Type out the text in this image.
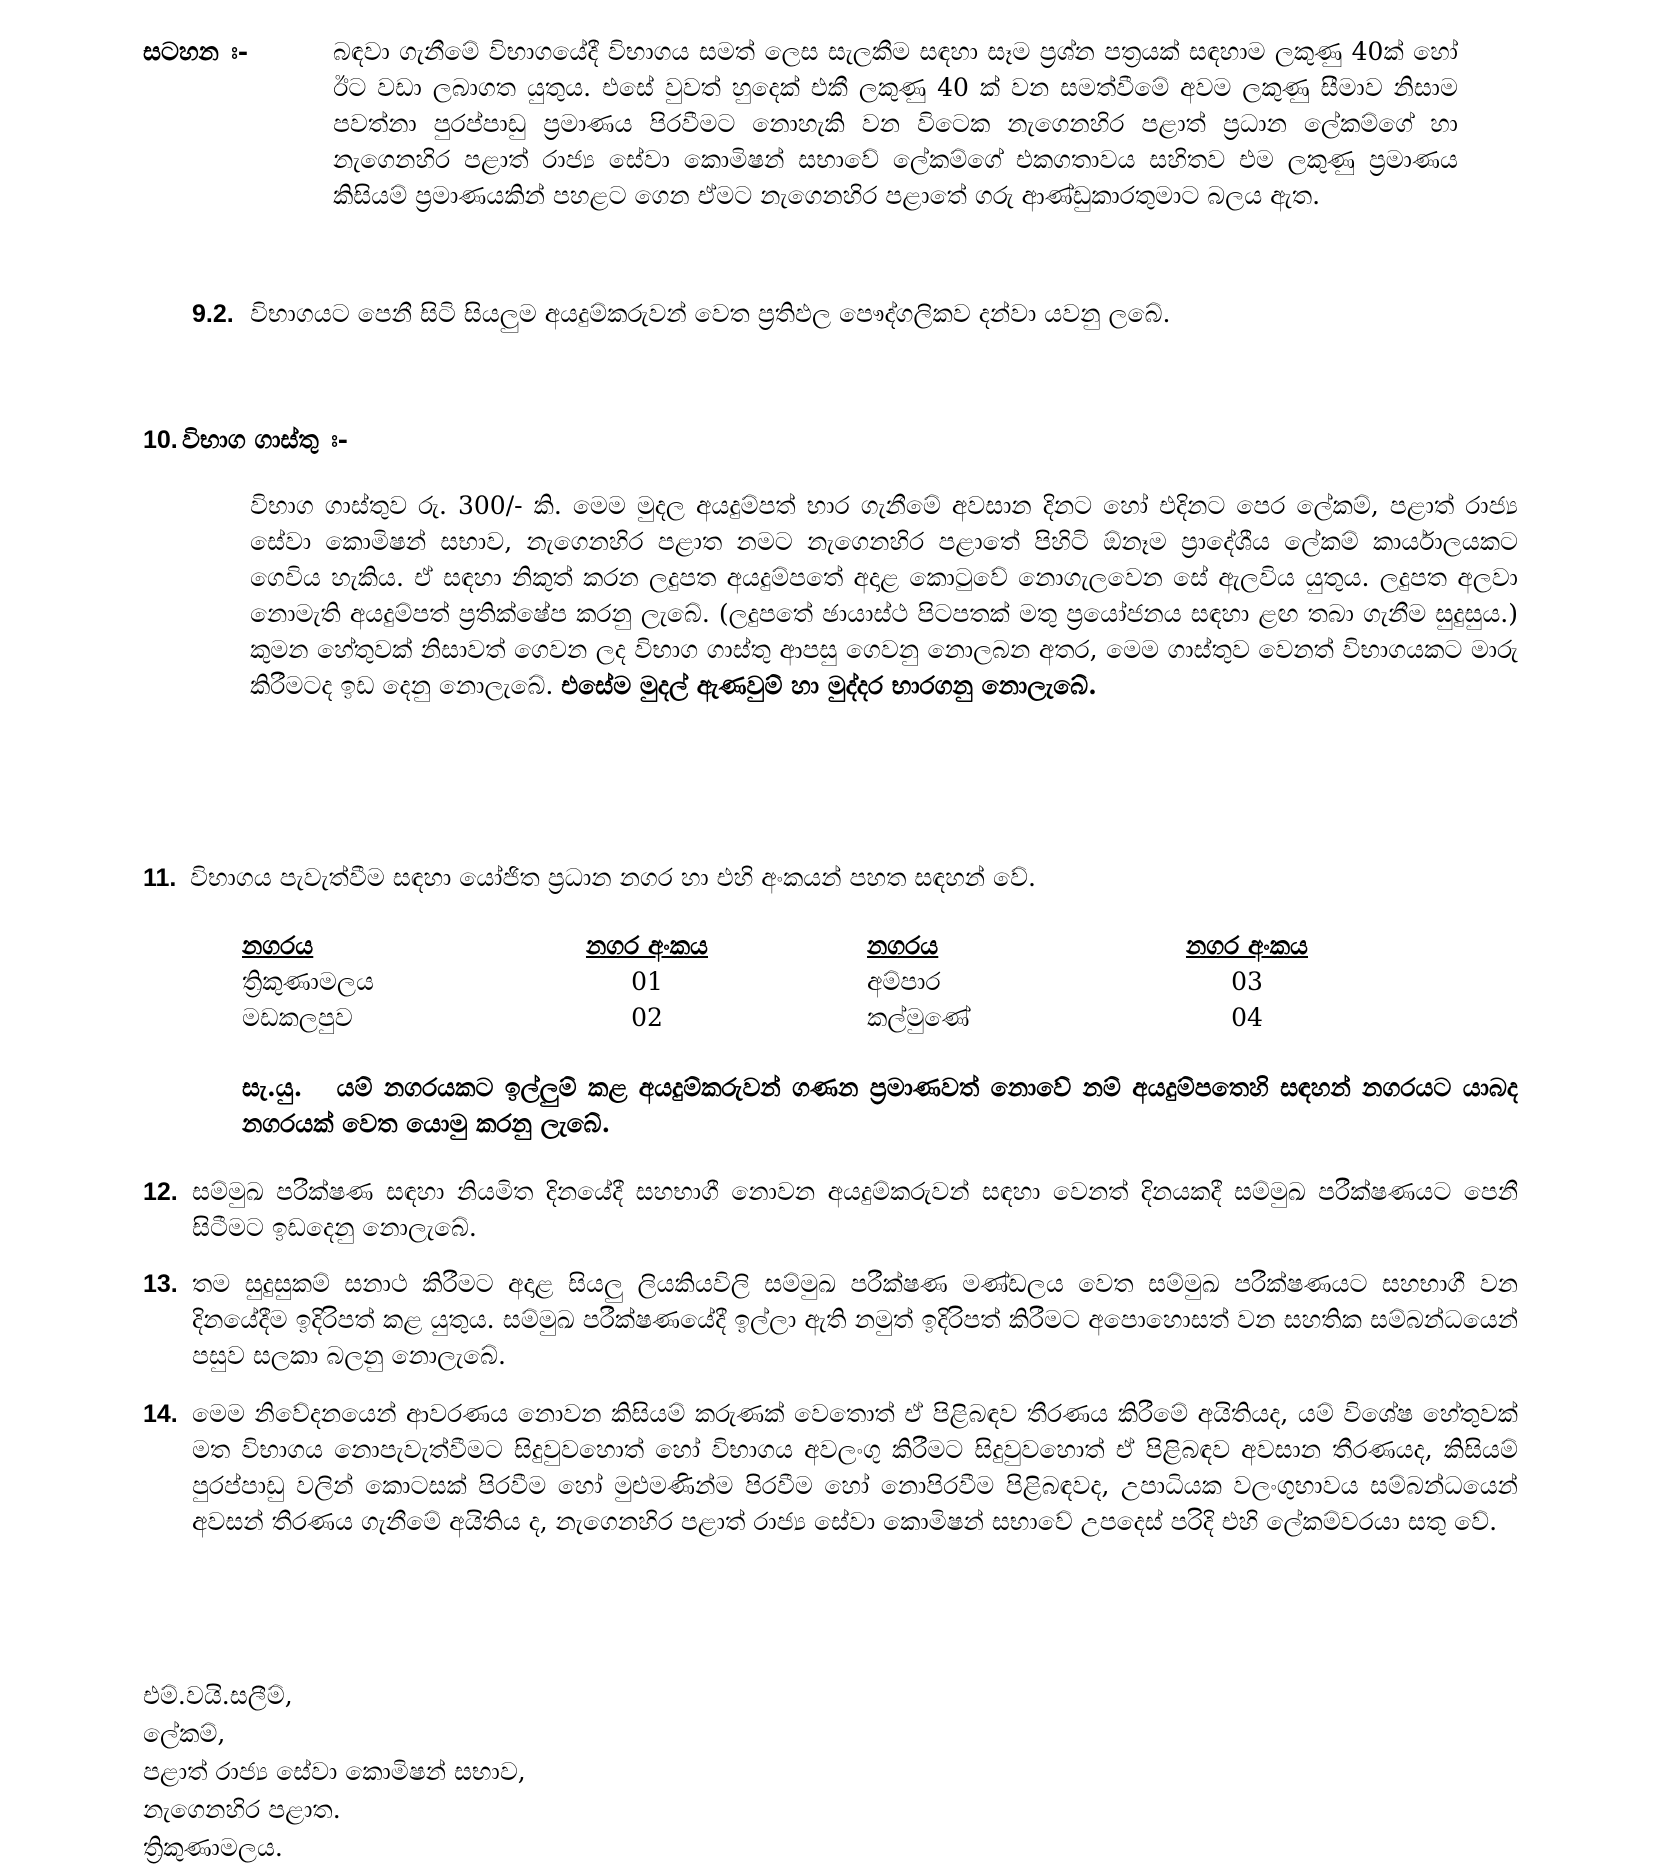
සටහන ඃ-	බඳවා ගැනීමේ විභාගයේදී විභාගය සමත් ලෙස සැලකීම සඳහා සෑම ප්‍රශ්න පත්‍රයක් සඳහාම ලකුණු 40ක් හෝ ඊට වඩා ලබාගත යුතුය. එසේ වුවත් හුදෙක් එකී ලකුණු 40 ක් වන සමත්වීමේ අවම ලකුණු සීමාව නිසාම පවත්නා පුරප්පාඩු ප්‍රමාණය පිරවීමට නොහැකි වන විටෙක නැගෙනහිර පළාත් ප්‍රධාන ලේකම්ගේ හා නැගෙනහිර පළාත් රාජ්‍ය සේවා කොමිෂන් සභාවේ ලේකම්ගේ එකගතාවය සහිතව එම ලකුණු ප්‍රමාණය කිසියම් ප්‍රමාණයකින් පහළට ගෙන ඒමට නැගෙනහිර පළාතේ ගරු ආණ්ඩුකාරතුමාට බලය ඇත.
9.2. විභාගයට පෙනී සිටි සියලුම අයදුම්කරුවන් වෙත ප්‍රතිඵල පෞද්ගලිකව දන්වා යවනු ලබේ.
10. විභාග ගාස්තු ඃ-
විභාග ගාස්තුව රු. 300/- කි. මෙම මුදල අයදුම්පත් භාර ගැනීමේ අවසාන දිනට හෝ එදිනට පෙර ලේකම්, පළාත් රාජ්‍ය සේවා කොමිෂන් සභාව, නැගෙනහිර පළාත නමට නැගෙනහිර පළාතේ පිහිටි ඕනෑම ප්‍රාදේශීය ලේකම් කාර්යාලයකට ගෙවිය හැකිය. ඒ සඳහා නිකුත් කරන ලදුපත අයදුම්පතේ අදාළ කොටුවේ නොගැලවෙන සේ ඇලවිය යුතුය. ලදුපත අලවා නොමැති අයදුම්පත් ප්‍රතික්ෂේප කරනු ලැබේ. (ලදුපතේ ඡායාස්ථ පිටපතක් මතු ප්‍රයෝජනය සඳහා ළඟ තබා ගැනීම සුදුසුය.) කුමන හේතුවක් නිසාවත් ගෙවන ලද විභාග ගාස්තු ආපසු ගෙවනු නොලබන අතර, මෙම ගාස්තුව වෙනත් විභාගයකට මාරු කිරීමටද ඉඩ දෙනු නොලැබේ. එසේම මුදල් ඇණවුම් හා මුද්දර භාරගනු නොලැබේ.
11. විභාගය පැවැත්වීම සඳහා යෝජිත ප්‍රධාන නගර හා එහි අංකයන් පහත සඳහන් වේ.
නගරය	නගර අංකය		නගරය	නගර අංකය
ත්‍රිකුණාමලය	01		අම්පාර	03
මඩකලපුව	02		කල්මුණේ	04
සැ.යු. යම් නගරයකට ඉල්ලුම් කළ අයදුම්කරුවන් ගණන ප්‍රමාණවත් නොවේ නම් අයදුම්පතෙහි සඳහන් නගරයට යාබද නගරයක් වෙත යොමු කරනු ලැබේ.
12. සම්මුඛ පරීක්ෂණ සඳහා නියමිත දිනයේදී සහභාගී නොවන අයදුම්කරුවන් සඳහා වෙනත් දිනයකදී සම්මුඛ පරීක්ෂණයට පෙනී සිටීමට ඉඩදෙනු නොලැබේ.
13. තම සුදුසුකම් සනාථ කිරීමට අදාළ සියලු ලියකියවිලි සම්මුඛ පරීක්ෂණ මණ්ඩලය වෙත සම්මුඛ පරීක්ෂණයට සහභාගී වන දිනයේදීම ඉදිරිපත් කළ යුතුය. සම්මුඛ පරීක්ෂණයේදී ඉල්ලා ඇති නමුත් ඉදිරිපත් කිරීමට අපොහොසත් වන සහතික සම්බන්ධයෙන් පසුව සලකා බලනු නොලැබේ.
14. මෙම නිවේදනයෙන් ආවරණය නොවන කිසියම් කරුණක් වෙතොත් ඒ පිළිබඳව තීරණය කිරීමේ අයිතියද, යම් විශේෂ හේතුවක් මත විභාගය නොපැවැත්වීමට සිදුවුවහොත් හෝ විභාගය අවලංගු කිරීමට සිදුවුවහොත් ඒ පිළිබඳව අවසාන තීරණයද, කිසියම් පුරප්පාඩු වලින් කොටසක් පිරවීම හෝ මුළුමණින්ම පිරවීම හෝ නොපිරවීම පිළිබඳවද, උපාධියක වලංගුභාවය සම්බන්ධයෙන් අවසන් තීරණය ගැනීමේ අයිතිය ද, නැගෙනහිර පළාත් රාජ්‍ය සේවා කොමිෂන් සභාවේ උපදෙස් පරිදි එහි ලේකම්වරයා සතු වේ.
එම්.වයි.සලීම්,
ලේකම්,
පළාත් රාජ්‍ය සේවා කොමිෂන් සභාව,
නැගෙනහිර පළාත.
ත්‍රිකුණාමලය.
